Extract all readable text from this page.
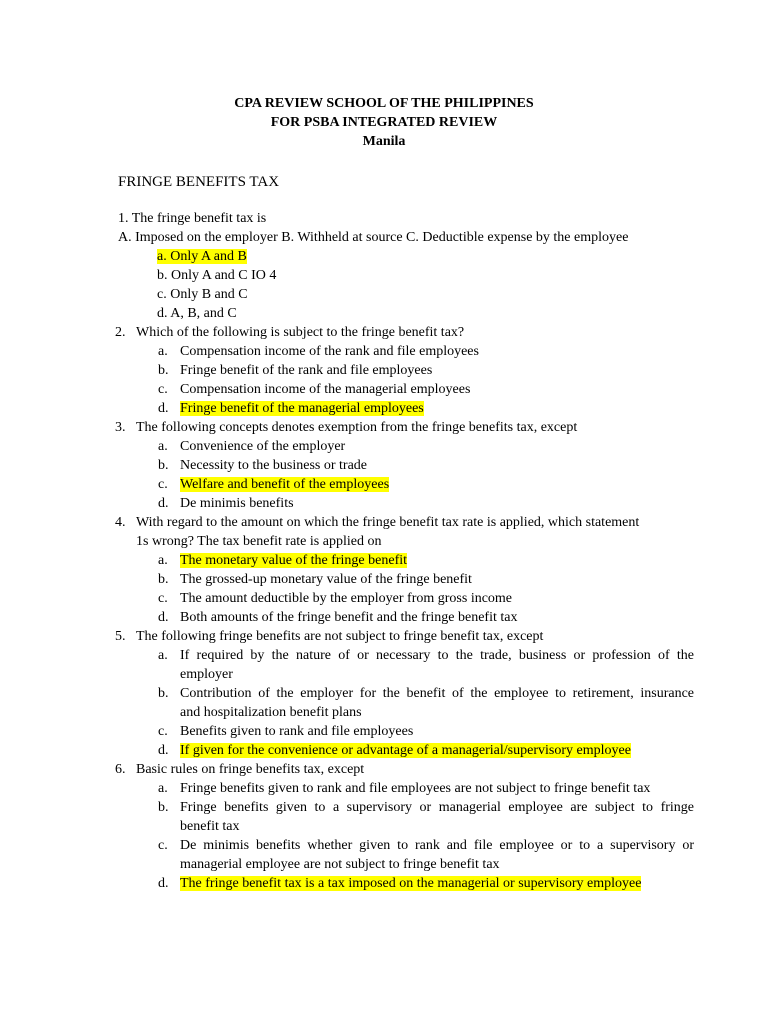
CPA REVIEW SCHOOL OF THE PHILIPPINES
FOR PSBA INTEGRATED REVIEW
Manila
FRINGE BENEFITS TAX
1. The fringe benefit tax is
A. Imposed on the employer B. Withheld at source C. Deductible expense by the employee
a. Only A and B
b. Only A and C IO 4
c. Only B and C
d. A, B, and C
2. Which of the following is subject to the fringe benefit tax?
a. Compensation income of the rank and file employees
b. Fringe benefit of the rank and file employees
c. Compensation income of the managerial employees
d. Fringe benefit of the managerial employees
3. The following concepts denotes exemption from the fringe benefits tax, except
a. Convenience of the employer
b. Necessity to the business or trade
c. Welfare and benefit of the employees
d. De minimis benefits
4. With regard to the amount on which the fringe benefit tax rate is applied, which statement
1s wrong? The tax benefit rate is applied on
a. The monetary value of the fringe benefit
b. The grossed-up monetary value of the fringe benefit
c. The amount deductible by the employer from gross income
d. Both amounts of the fringe benefit and the fringe benefit tax
5. The following fringe benefits are not subject to fringe benefit tax, except
a. If required by the nature of or necessary to the trade, business or profession of the
employer
b. Contribution of the employer for the benefit of the employee to retirement, insurance
and hospitalization benefit plans
c. Benefits given to rank and file employees
d. If given for the convenience or advantage of a managerial/supervisory employee
6. Basic rules on fringe benefits tax, except
a. Fringe benefits given to rank and file employees are not subject to fringe benefit tax
b. Fringe benefits given to a supervisory or managerial employee are subject to fringe
benefit tax
c. De minimis benefits whether given to rank and file employee or to a supervisory or
managerial employee are not subject to fringe benefit tax
d. The fringe benefit tax is a tax imposed on the managerial or supervisory employee
